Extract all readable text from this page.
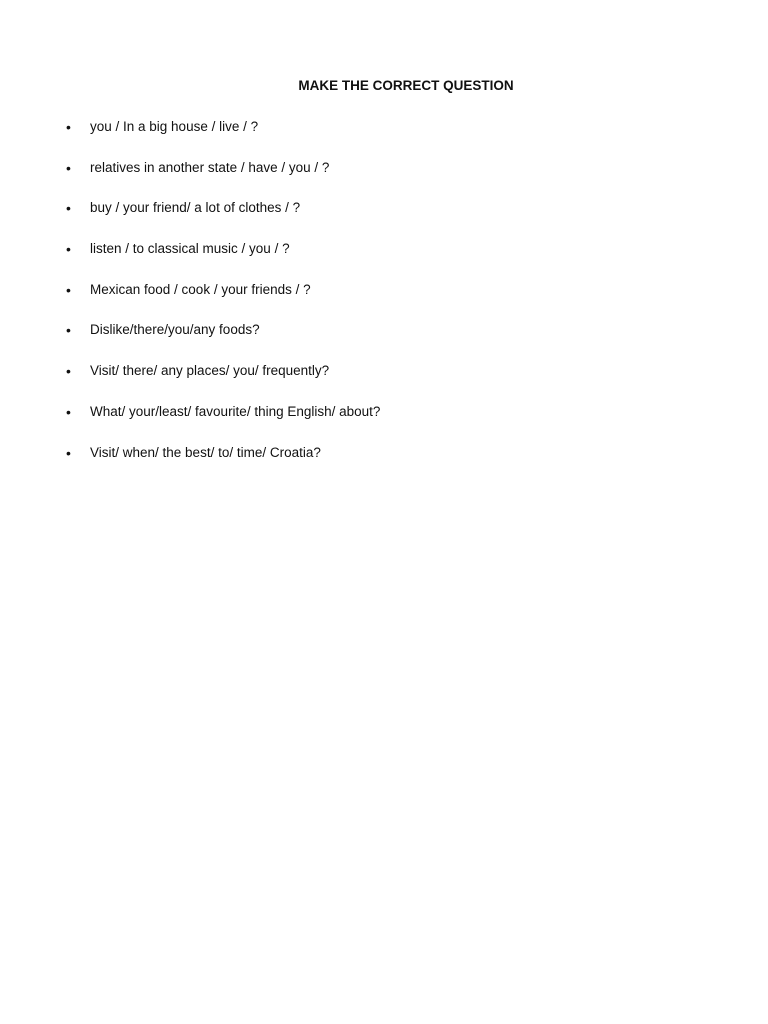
MAKE THE CORRECT QUESTION
• you / In a big house / live / ?
• relatives in another state / have / you / ?
• buy / your friend/ a lot of clothes / ?
• listen / to classical music / you / ?
• Mexican food / cook / your friends / ?
• Dislike/there/you/any foods?
• Visit/ there/ any places/ you/ frequently?
• What/ your/least/ favourite/ thing English/ about?
• Visit/ when/ the best/ to/ time/ Croatia?
